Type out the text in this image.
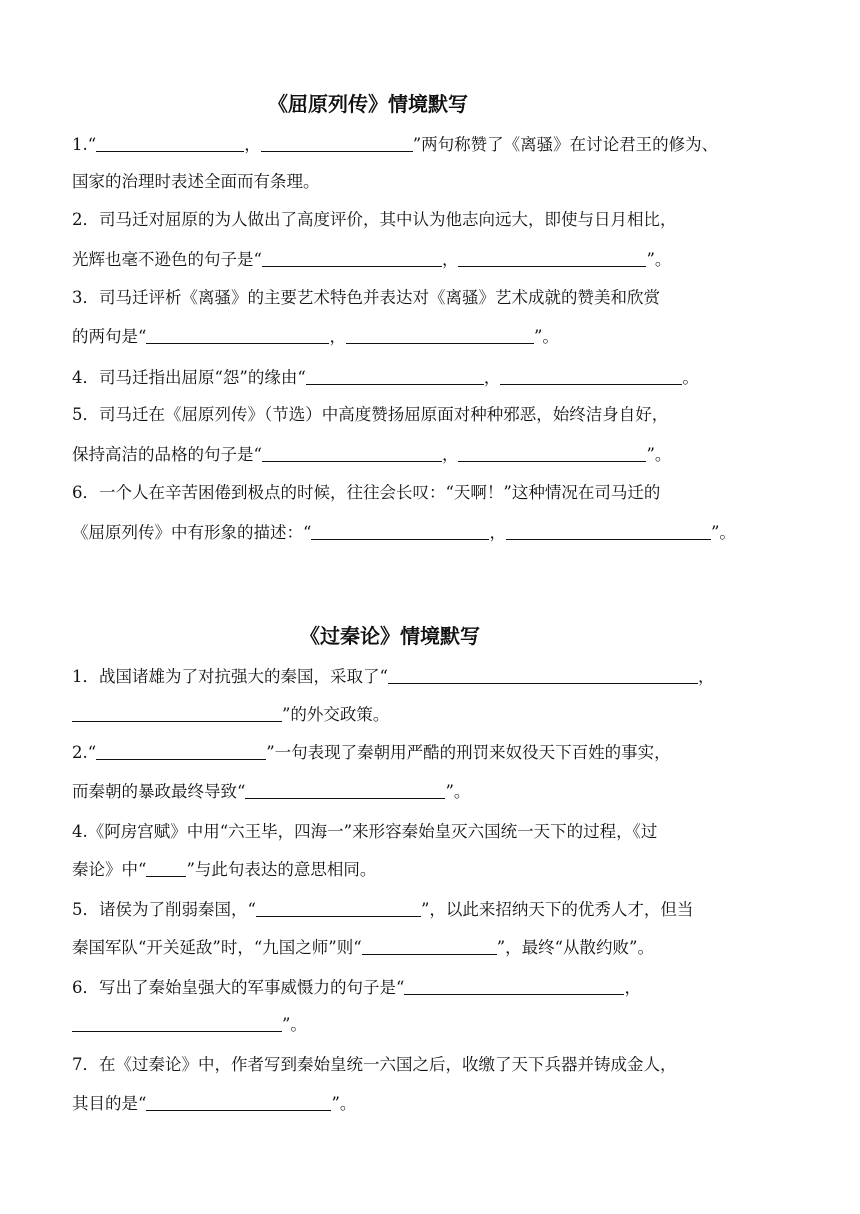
《屈原列传》情境默写
1.“	，	”两句称赞了《离骚》在讨论君王的修为、
国家的治理时表述全面而有条理。
2．司马迁对屈原的为人做出了高度评价，其中认为他志向远大，即使与日月相比，
光辉也毫不逊色的句子是“	，	”。
3．司马迁评析《离骚》的主要艺术特色并表达对《离骚》艺术成就的赞美和欣赏
的两句是“	，	”。
4．司马迁指出屈原“怨”的缘由“	，	。
5．司马迁在《屈原列传》（节选）中高度赞扬屈原面对种种邪恶，始终洁身自好，
保持高洁的品格的句子是“	，	”。
6．一个人在辛苦困倦到极点的时候，往往会长叹：“天啊！”这种情况在司马迁的
《屈原列传》中有形象的描述：“	，	”。
《过秦论》情境默写
1．战国诸雄为了对抗强大的秦国，采取了“	，
”的外交政策。
2.“	”一句表现了秦朝用严酷的刑罚来奴役天下百姓的事实，
而秦朝的暴政最终导致“	”。
4.《阿房宫赋》中用“六王毕，四海一”来形容秦始皇灭六国统一天下的过程，《过
秦论》中“ ”与此句表达的意思相同。
5．诸侯为了削弱秦国，“	”，以此来招纳天下的优秀人才，但当
秦国军队“开关延敌”时，“九国之师”则“	”，最终“从散约败”。
6．写出了秦始皇强大的军事威慑力的句子是“	，
”。
7．在《过秦论》中，作者写到秦始皇统一六国之后，收缴了天下兵器并铸成金人，
其目的是“	”。
